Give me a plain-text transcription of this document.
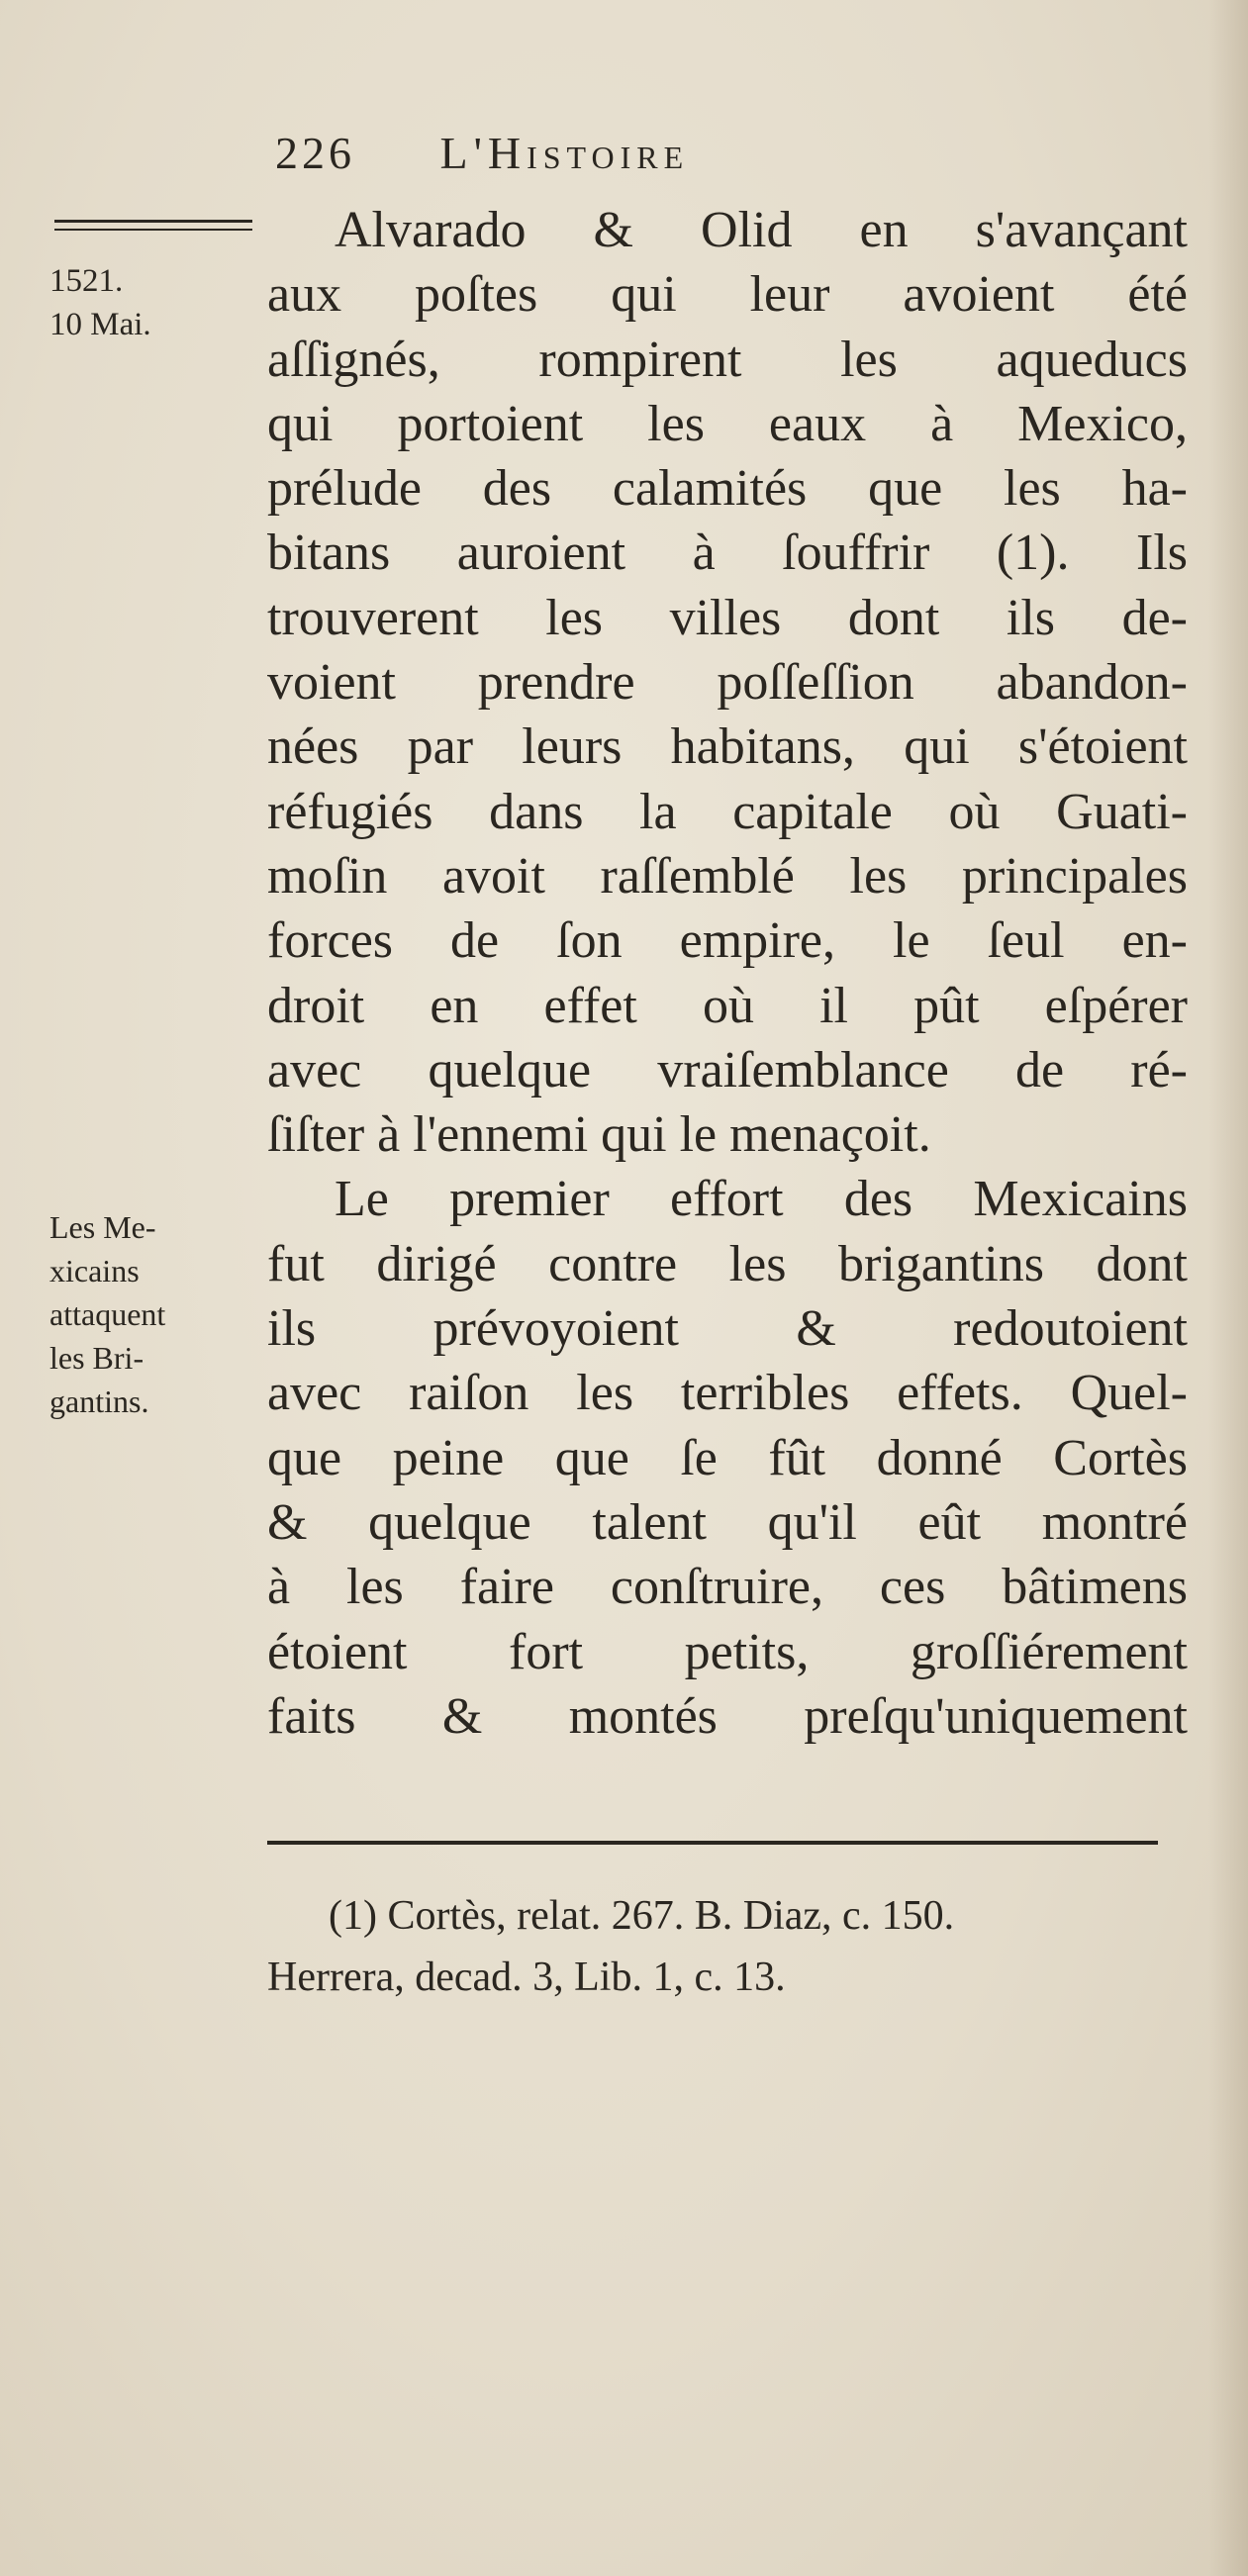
226 L'Histoire
1521.
10 Mai.
Les Me-
xicains
attaquent
les Bri-
gantins.
Alvarado & Olid en s'avançant
aux poſtes qui leur avoient été
aſſignés, rompirent les aqueducs
qui portoient les eaux à Mexico,
prélude des calamités que les ha-
bitans auroient à ſouffrir (1). Ils
trouverent les villes dont ils de-
voient prendre poſſeſſion abandon-
nées par leurs habitans, qui s'étoient
réfugiés dans la capitale où Guati-
moſin avoit raſſemblé les principales
forces de ſon empire, le ſeul en-
droit en effet où il pût eſpérer
avec quelque vraiſemblance de ré-
ſiſter à l'ennemi qui le menaçoit.
Le premier effort des Mexicains
fut dirigé contre les brigantins dont
ils prévoyoient & redoutoient
avec raiſon les terribles effets. Quel-
que peine que ſe fût donné Cortès
& quelque talent qu'il eût montré
à les faire conſtruire, ces bâtimens
étoient fort petits, groſſiérement
faits & montés preſqu'uniquement
(1) Cortès, relat. 267. B. Diaz, c. 150.
Herrera, decad. 3, Lib. 1, c. 13.
